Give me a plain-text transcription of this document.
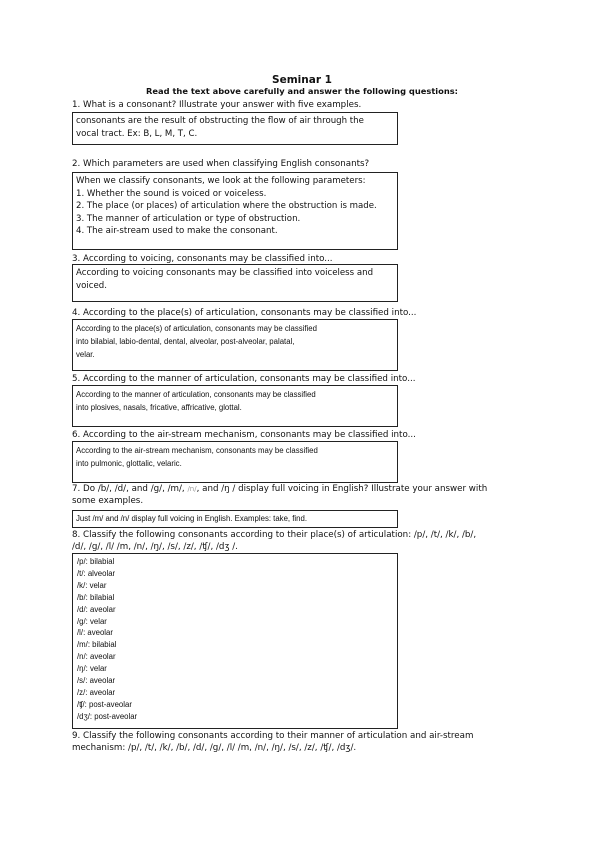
Seminar 1
Read the text above carefully and answer the following questions:
1. What is a consonant? Illustrate your answer with five examples.
consonants are the result of obstructing the flow of air through the
vocal tract. Ex: B, L, M, T, C.
2. Which parameters are used when classifying English consonants?
When we classify consonants, we look at the following parameters:
1. Whether the sound is voiced or voiceless.
2. The place (or places) of articulation where the obstruction is made.
3. The manner of articulation or type of obstruction.
4. The air-stream used to make the consonant.
3. According to voicing, consonants may be classified into...
According to voicing consonants may be classified into voiceless and
voiced.
4. According to the place(s) of articulation, consonants may be classified into...
According to the place(s) of articulation, consonants may be classified
into bilabial, labio-dental, dental, alveolar, post-alveolar, palatal,
velar.
5. According to the manner of articulation, consonants may be classified into...
According to the manner of articulation, consonants may be classified
into plosives, nasals, fricative, affricative, glottal.
6. According to the air-stream mechanism, consonants may be classified into...
According to the air-stream mechanism, consonants may be classified
into pulmonic, glottalic, velaric.
7. Do /b/, /d/, and /g/, /m/, /n/, and /ŋ / display full voicing in English? Illustrate your answer with
some examples.
Just /m/ and /n/ display full voicing in English. Examples: take, find.
8. Classify the following consonants according to their place(s) of articulation: /p/, /t/, /k/, /b/,
/d/, /g/, /l/ /m, /n/, /ŋ/, /s/, /z/, /ʧ/, /dʒ /.
/p/: bilabial
/t/: alveolar
/k/: velar
/b/: bilabial
/d/: aveolar
/g/: velar
/l/: aveolar
/m/: bilabial
/n/: aveolar
/ŋ/: velar
/s/: aveolar
/z/: aveolar
/ʧ/: post-aveolar
/dʒ/: post-aveolar
9. Classify the following consonants according to their manner of articulation and air-stream
mechanism: /p/, /t/, /k/, /b/, /d/, /g/, /l/ /m, /n/, /ŋ/, /s/, /z/, /ʧ/, /dʒ/.
